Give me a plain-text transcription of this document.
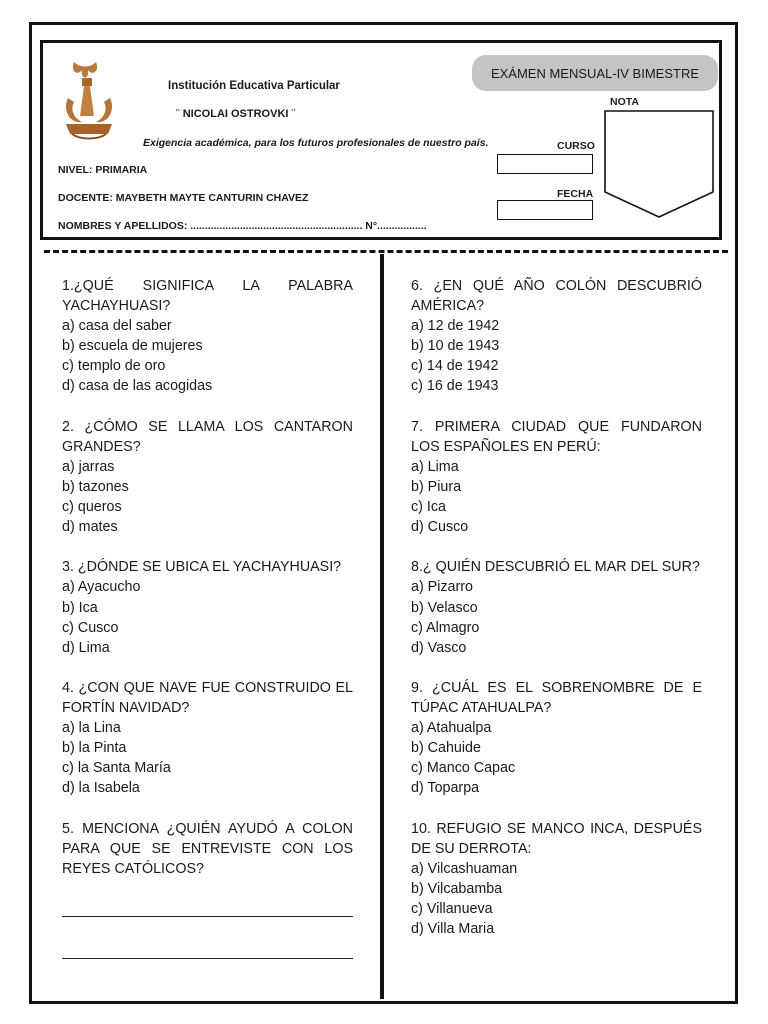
Institución Educativa Particular
¨ NICOLAI OSTROVKI ¨
Exigencia académica, para los futuros profesionales de nuestro país.
NIVEL: PRIMARIA
DOCENTE: MAYBETH MAYTE CANTURIN CHAVEZ
NOMBRES Y APELLIDOS: ........................................................... N°.................
EXÁMEN MENSUAL-IV BIMESTRE
NOTA
CURSO
FECHA
1.¿QUÉ SIGNIFICA LA PALABRA YACHAYHUASI?
a) casa del saber
b) escuela de mujeres
c) templo de oro
d) casa de las acogidas
2. ¿CÓMO SE LLAMA LOS CANTARON GRANDES?
a) jarras
b) tazones
c) queros
d) mates
3. ¿DÓNDE SE UBICA EL YACHAYHUASI?
a) Ayacucho
b) Ica
c) Cusco
d) Lima
4. ¿CON QUE NAVE FUE CONSTRUIDO EL FORTÍN NAVIDAD?
a) la Lina
b) la Pinta
c) la Santa María
d) la Isabela
5. MENCIONA ¿QUIÉN AYUDÓ A COLON PARA QUE SE ENTREVISTE CON LOS REYES CATÓLICOS?
6. ¿EN QUÉ AÑO COLÓN DESCUBRIÓ AMÉRICA?
a) 12 de 1942
b) 10 de 1943
c) 14 de 1942
c) 16 de 1943
7. PRIMERA CIUDAD QUE FUNDARON LOS ESPAÑOLES EN PERÚ:
a) Lima
b) Piura
c) Ica
d) Cusco
8.¿ QUIÉN DESCUBRIÓ EL MAR DEL SUR?
a) Pizarro
b) Velasco
c) Almagro
d) Vasco
9. ¿CUÁL ES EL SOBRENOMBRE DE E TÚPAC ATAHUALPA?
a) Atahualpa
b) Cahuide
c) Manco Capac
d) Toparpa
10. REFUGIO SE MANCO INCA, DESPUÉS DE SU DERROTA:
a) Vilcashuaman
b) Vilcabamba
c) Villanueva
d) Villa Maria
